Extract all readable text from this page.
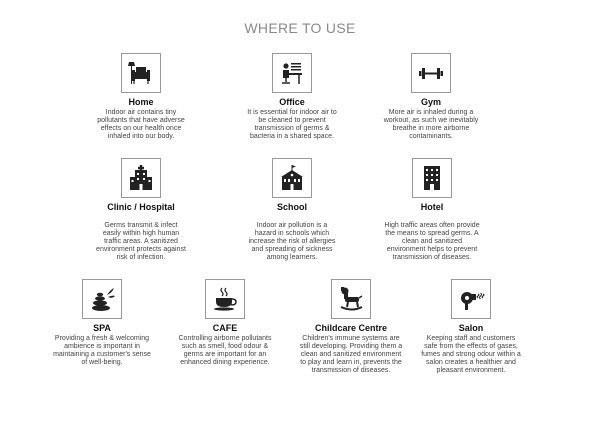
WHERE TO USE
Home
Indoor air contains tiny pollutants that have adverse effects on our health once inhaled into our body.
Office
It is essential for indoor air to be cleaned to prevent transmission of germs & bacteria in a shared space.
Gym
More air is inhaled during a workout, as such we inevitably breathe in more airborne contaminants.
Clinic / Hospital
Germs transmit & infect easily within high human traffic areas. A sanitized environment protects against risk of infection.
School
Indoor air pollution is a hazard in schools which increase the risk of allergies and spreading of sickness among learners.
Hotel
High traffic areas often provide the means to spread germs. A clean and sanitized environment helps to prevent transmission of diseases.
SPA
Providing a fresh & welcoming ambience is important in maintaining a customer's sense of well-being.
CAFE
Controlling airborne pollutants such as smell, food odour & germs are important for an enhanced dining experience.
Childcare Centre
Children's immune systems are still developing. Providing them a clean and sanitized environment to play and learn in, prevents the transmission of diseases.
Salon
Keeping staff and customers safe from the effects of gases, fumes and strong odour within a salon creates a healthier and pleasant environment.
